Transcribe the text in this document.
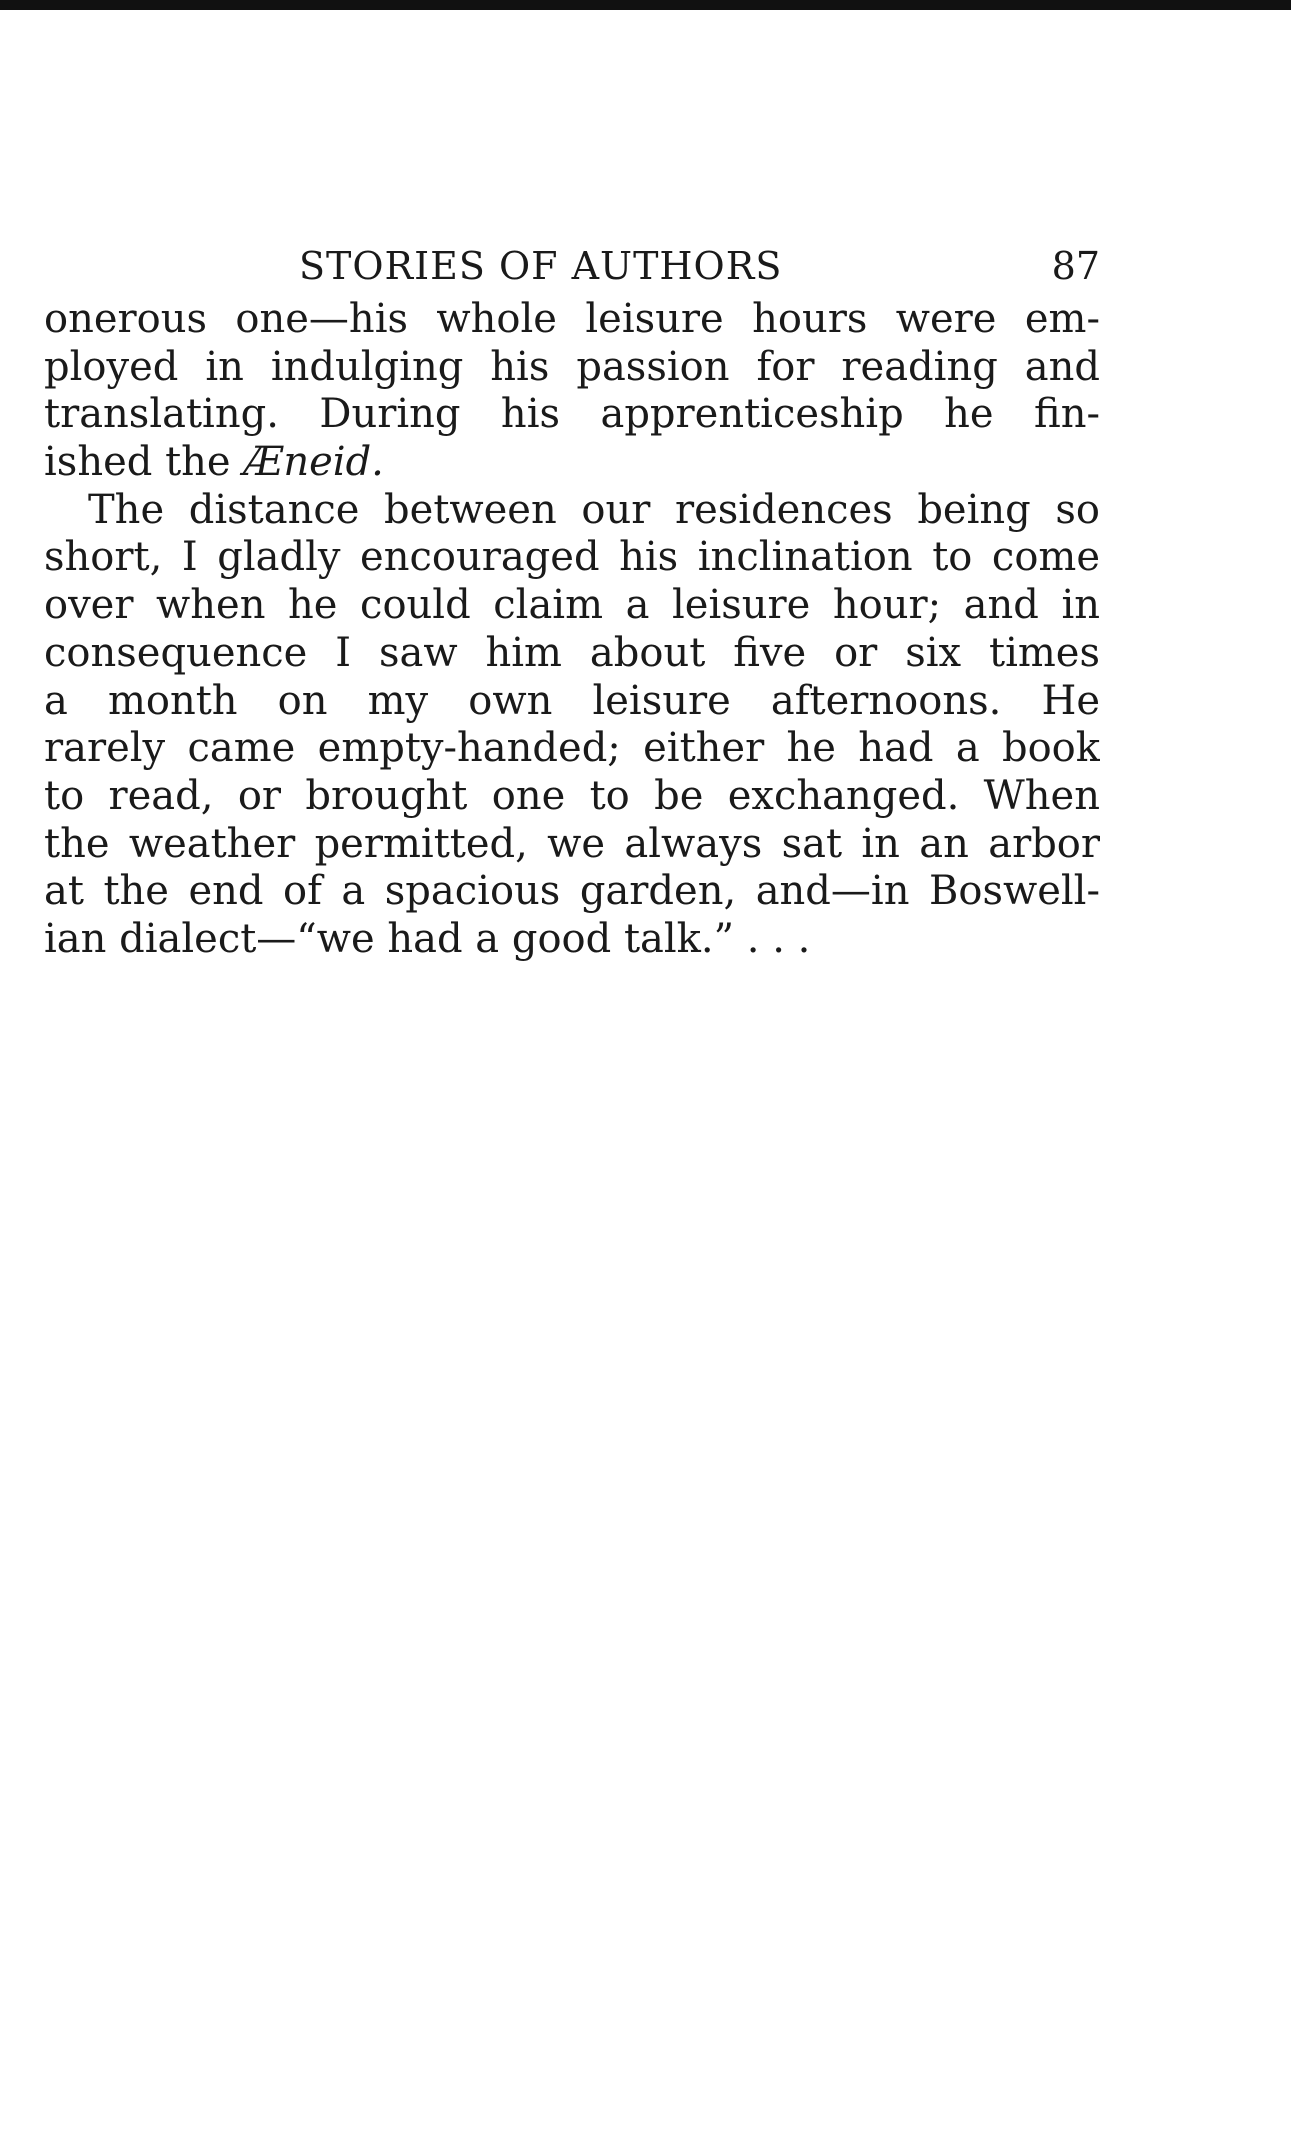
STORIES OF AUTHORS	87
onerous one—his whole leisure hours were em-
ployed in indulging his passion for reading and
translating. During his apprenticeship he fin-
ished the Æneid.
The distance between our residences being so
short, I gladly encouraged his inclination to come
over when he could claim a leisure hour; and in
consequence I saw him about five or six times
a month on my own leisure afternoons. He
rarely came empty-handed; either he had a book
to read, or brought one to be exchanged. When
the weather permitted, we always sat in an arbor
at the end of a spacious garden, and—in Boswell-
ian dialect—“we had a good talk.” . . .
